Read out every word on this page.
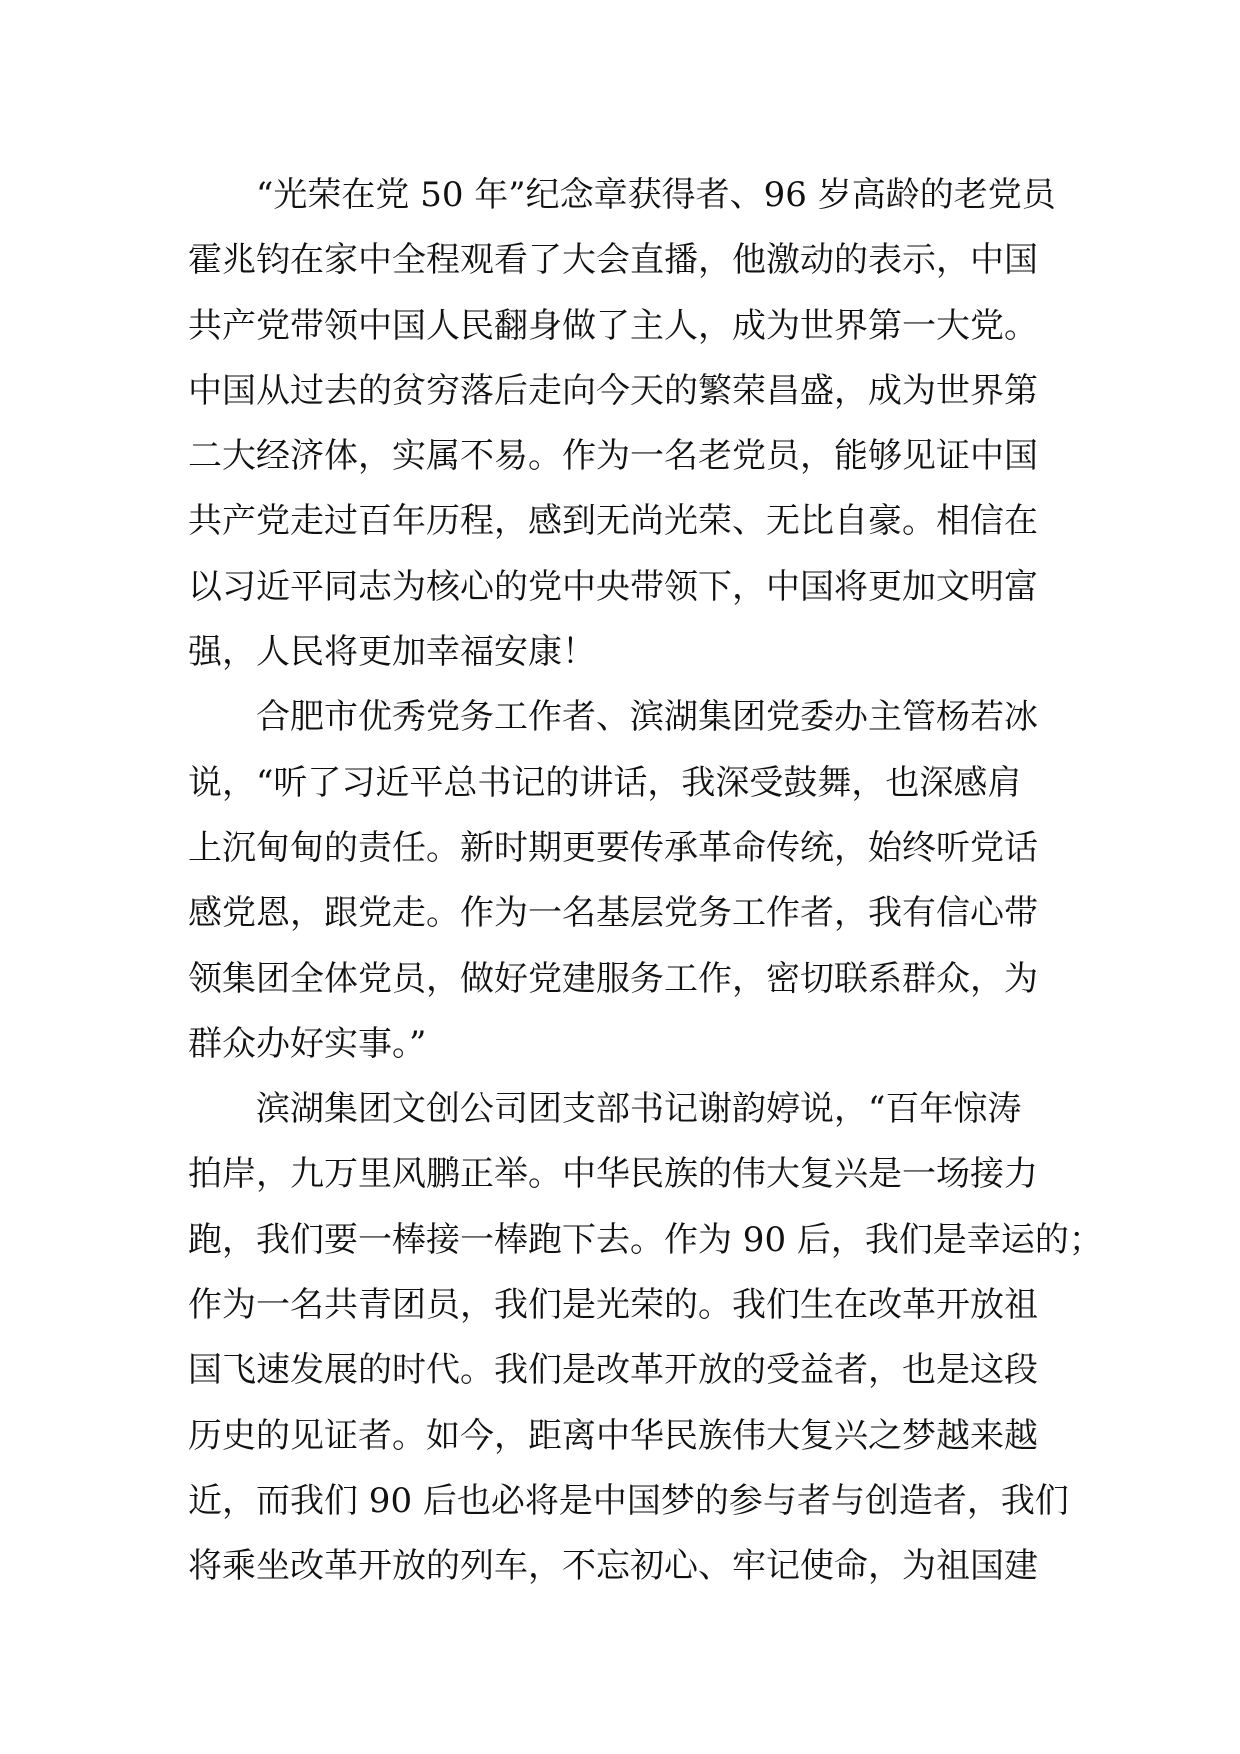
“光荣在党 50 年”纪念章获得者、96 岁高龄的老党员
霍兆钧在家中全程观看了大会直播，他激动的表示，中国
共产党带领中国人民翻身做了主人，成为世界第一大党。
中国从过去的贫穷落后走向今天的繁荣昌盛，成为世界第
二大经济体，实属不易。作为一名老党员，能够见证中国
共产党走过百年历程，感到无尚光荣、无比自豪。相信在
以习近平同志为核心的党中央带领下，中国将更加文明富
强，人民将更加幸福安康！
合肥市优秀党务工作者、滨湖集团党委办主管杨若冰
说，“听了习近平总书记的讲话，我深受鼓舞，也深感肩
上沉甸甸的责任。新时期更要传承革命传统，始终听党话
感党恩，跟党走。作为一名基层党务工作者，我有信心带
领集团全体党员，做好党建服务工作，密切联系群众，为
群众办好实事。”
滨湖集团文创公司团支部书记谢韵婷说，“百年惊涛
拍岸，九万里风鹏正举。中华民族的伟大复兴是一场接力
跑，我们要一棒接一棒跑下去。作为 90 后，我们是幸运的；
作为一名共青团员，我们是光荣的。我们生在改革开放祖
国飞速发展的时代。我们是改革开放的受益者，也是这段
历史的见证者。如今，距离中华民族伟大复兴之梦越来越
近，而我们 90 后也必将是中国梦的参与者与创造者，我们
将乘坐改革开放的列车，不忘初心、牢记使命，为祖国建
